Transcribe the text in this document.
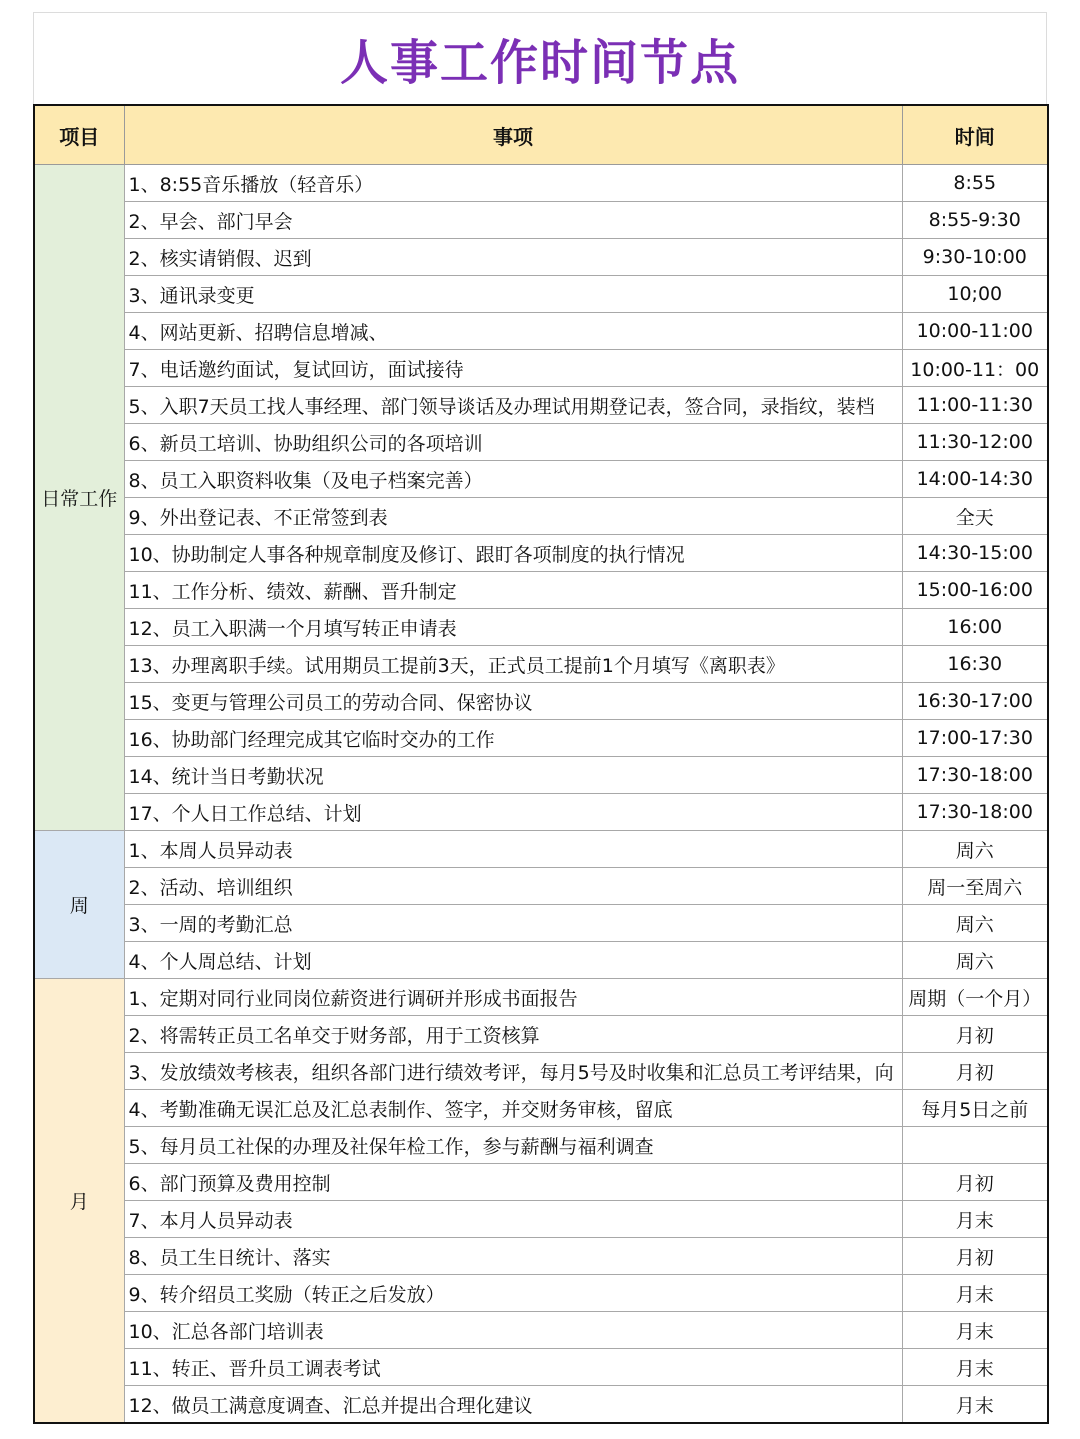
人事工作时间节点
项目	事项	时间
日常工作	1、8:55音乐播放（轻音乐）	8:55
	2、早会、部门早会	8:55-9:30
	2、核实请销假、迟到	9:30-10:00
	3、通讯录变更	10;00
	4、网站更新、招聘信息增减、	10:00-11:00
	7、电话邀约面试，复试回访，面试接待	10:00-11：00
	5、入职7天员工找人事经理、部门领导谈话及办理试用期登记表，签合同，录指纹，装档	11:00-11:30
	6、新员工培训、协助组织公司的各项培训	11:30-12:00
	8、员工入职资料收集（及电子档案完善）	14:00-14:30
	9、外出登记表、不正常签到表	全天
	10、协助制定人事各种规章制度及修订、跟盯各项制度的执行情况	14:30-15:00
	11、工作分析、绩效、薪酬、晋升制定	15:00-16:00
	12、员工入职满一个月填写转正申请表	16:00
	13、办理离职手续。试用期员工提前3天，正式员工提前1个月填写《离职表》	16:30
	15、变更与管理公司员工的劳动合同、保密协议	16:30-17:00
	16、协助部门经理完成其它临时交办的工作	17:00-17:30
	14、统计当日考勤状况	17:30-18:00
	17、个人日工作总结、计划	17:30-18:00
周	1、本周人员异动表	周六
	2、活动、培训组织	周一至周六
	3、一周的考勤汇总	周六
	4、个人周总结、计划	周六
月	1、定期对同行业同岗位薪资进行调研并形成书面报告	周期（一个月）
	2、将需转正员工名单交于财务部，用于工资核算	月初
	3、发放绩效考核表，组织各部门进行绩效考评，每月5号及时收集和汇总员工考评结果，向	月初
	4、考勤准确无误汇总及汇总表制作、签字，并交财务审核，留底	每月5日之前
	5、每月员工社保的办理及社保年检工作，参与薪酬与福利调查	
	6、部门预算及费用控制	月初
	7、本月人员异动表	月末
	8、员工生日统计、落实	月初
	9、转介绍员工奖励（转正之后发放）	月末
	10、汇总各部门培训表	月末
	11、转正、晋升员工调表考试	月末
	12、做员工满意度调查、汇总并提出合理化建议	月末
